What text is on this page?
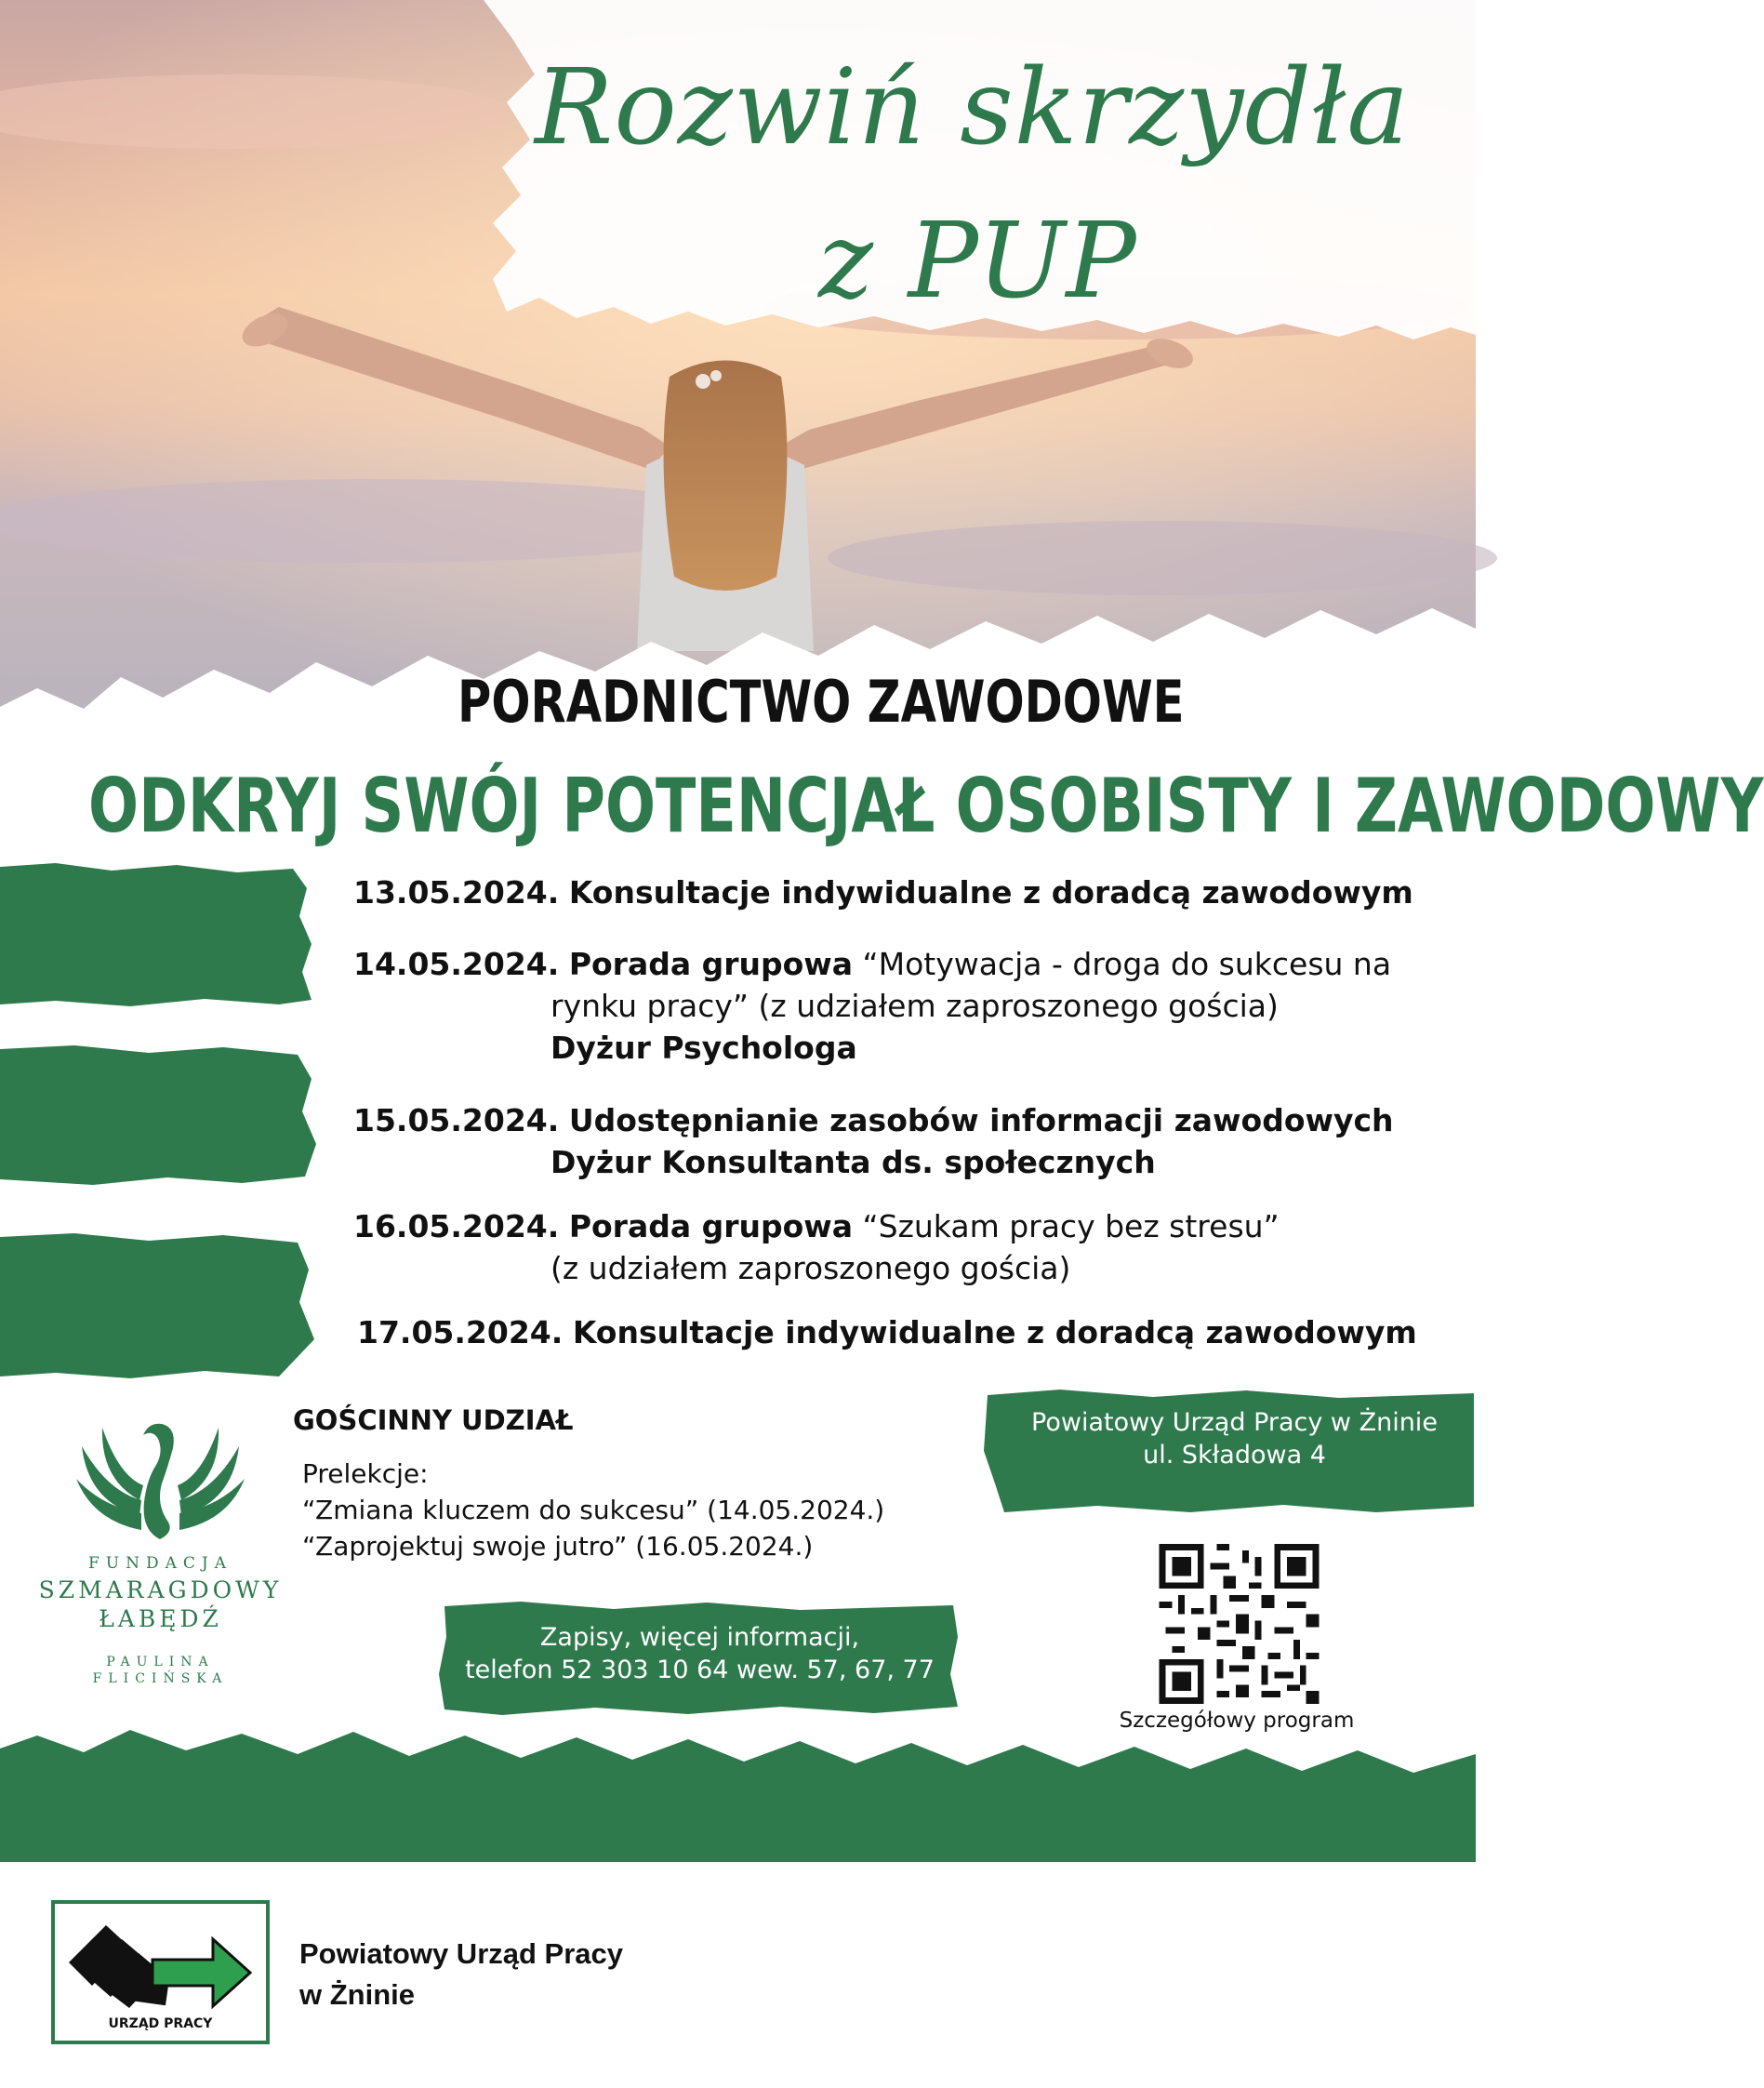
Rozwiń skrzydła
z PUP
PORADNICTWO ZAWODOWE
ODKRYJ SWÓJ POTENCJAŁ OSOBISTY I ZAWODOWY
13.05.2024. Konsultacje indywidualne z doradcą zawodowym
14.05.2024. Porada grupowa “Motywacja - droga do sukcesu na
rynku pracy” (z udziałem zaproszonego gościa)
Dyżur Psychologa
15.05.2024. Udostępnianie zasobów informacji zawodowych
Dyżur Konsultanta ds. społecznych
16.05.2024. Porada grupowa “Szukam pracy bez stresu”
(z udziałem zaproszonego gościa)
17.05.2024. Konsultacje indywidualne z doradcą zawodowym
FUNDACJA
SZMARAGDOWY
ŁABĘDŹ
PAULINA
FLICIŃSKA
GOŚCINNY UDZIAŁ
Prelekcje:
“Zmiana kluczem do sukcesu” (14.05.2024.)
“Zaprojektuj swoje jutro” (16.05.2024.)
Powiatowy Urząd Pracy w Żninie
ul. Składowa 4
Zapisy, więcej informacji,
telefon 52 303 10 64 wew. 57, 67, 77
Szczegółowy program
URZĄD PRACY
Powiatowy Urząd Pracy
w Żninie
